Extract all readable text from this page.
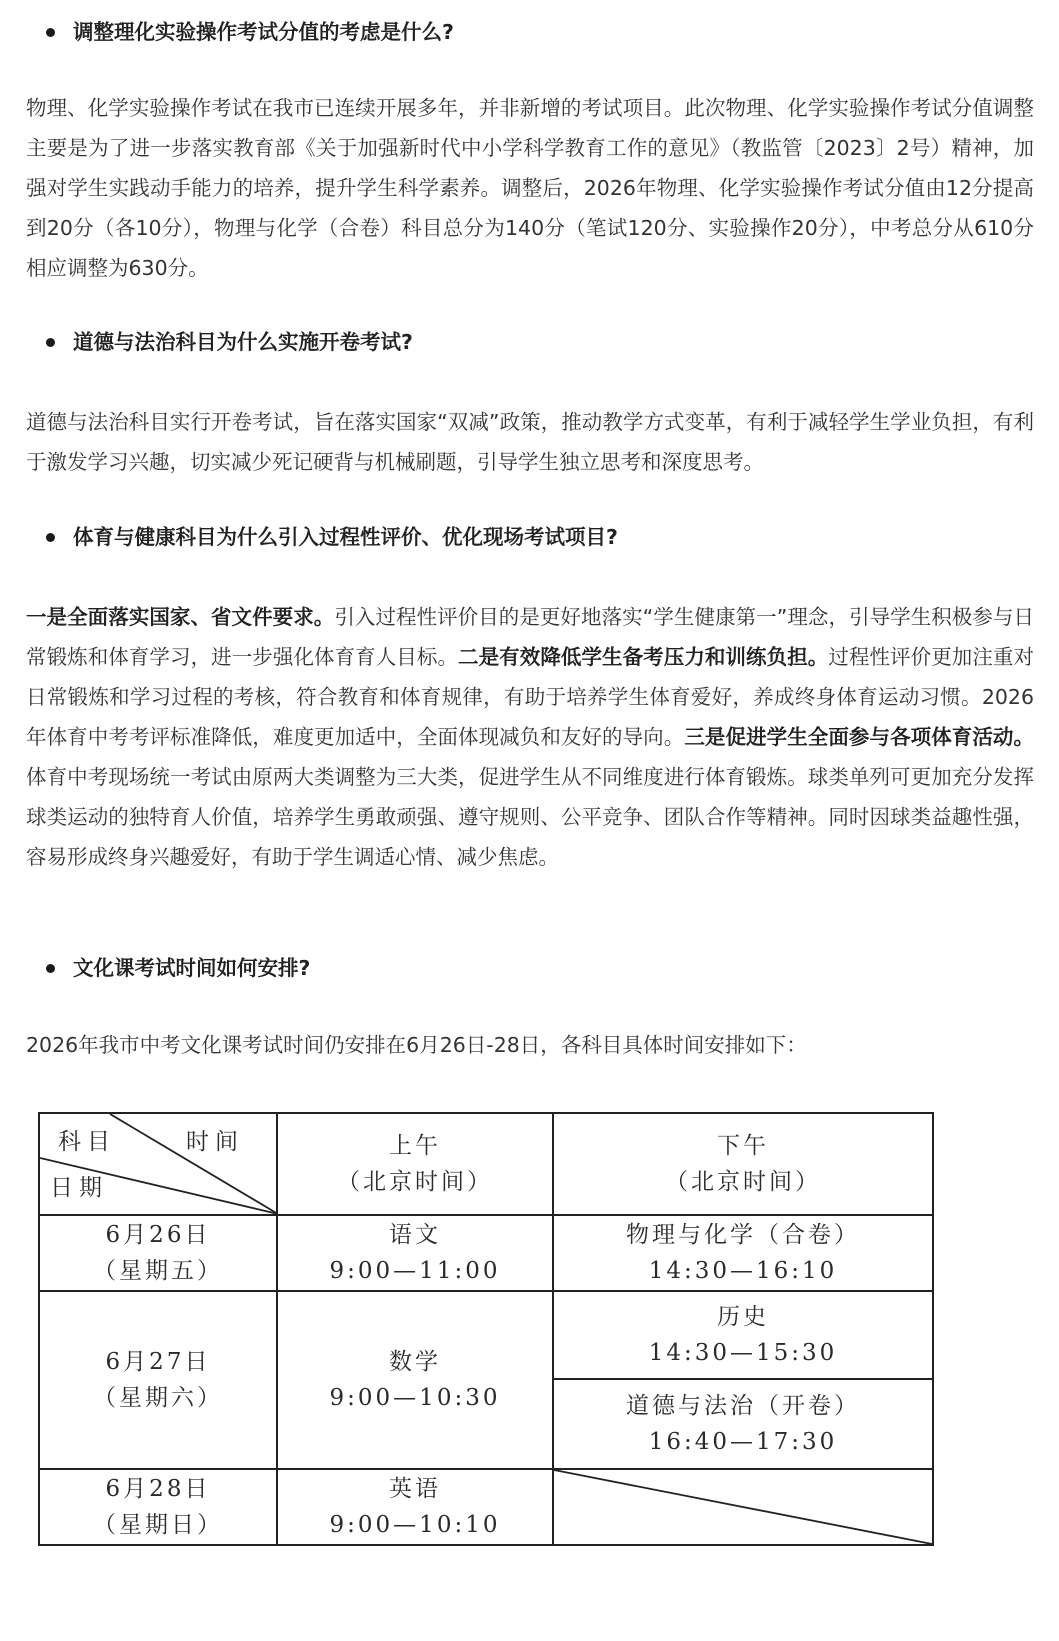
调整理化实验操作考试分值的考虑是什么?

物理、化学实验操作考试在我市已连续开展多年，并非新增的考试项目。此次物理、化学实验操作考试分值调整主要是为了进一步落实教育部《关于加强新时代中小学科学教育工作的意见》（教监管〔2023〕2号）精神，加强对学生实践动手能力的培养，提升学生科学素养。调整后，2026年物理、化学实验操作考试分值由12分提高到20分（各10分），物理与化学（合卷）科目总分为140分（笔试120分、实验操作20分），中考总分从610分相应调整为630分。

道德与法治科目为什么实施开卷考试?

道德与法治科目实行开卷考试，旨在落实国家“双减”政策，推动教学方式变革，有利于减轻学生学业负担，有利于激发学习兴趣，切实减少死记硬背与机械刷题，引导学生独立思考和深度思考。

体育与健康科目为什么引入过程性评价、优化现场考试项目?

一是全面落实国家、省文件要求。引入过程性评价目的是更好地落实“学生健康第一”理念，引导学生积极参与日常锻炼和体育学习，进一步强化体育育人目标。二是有效降低学生备考压力和训练负担。过程性评价更加注重对日常锻炼和学习过程的考核，符合教育和体育规律，有助于培养学生体育爱好，养成终身体育运动习惯。2026年体育中考考评标准降低，难度更加适中，全面体现减负和友好的导向。三是促进学生全面参与各项体育活动。体育中考现场统一考试由原两大类调整为三大类，促进学生从不同维度进行体育锻炼。球类单列可更加充分发挥球类运动的独特育人价值，培养学生勇敢顽强、遵守规则、公平竞争、团队合作等精神。同时因球类益趣性强，容易形成终身兴趣爱好，有助于学生调适心情、减少焦虑。

文化课考试时间如何安排?

2026年我市中考文化课考试时间仍安排在6月26日-28日，各科目具体时间安排如下：

科目 时间
日期	上午
（北京时间）	下午
（北京时间）

6月26日
（星期五）	语文
9:00—11:00	物理与化学（合卷）
14:30—16:10

6月27日
（星期六）	数学
9:00—10:30	历史
14:30—15:30

		道德与法治（开卷）
16:40—17:30

6月28日
（星期日）	英语
9:00—10:10
